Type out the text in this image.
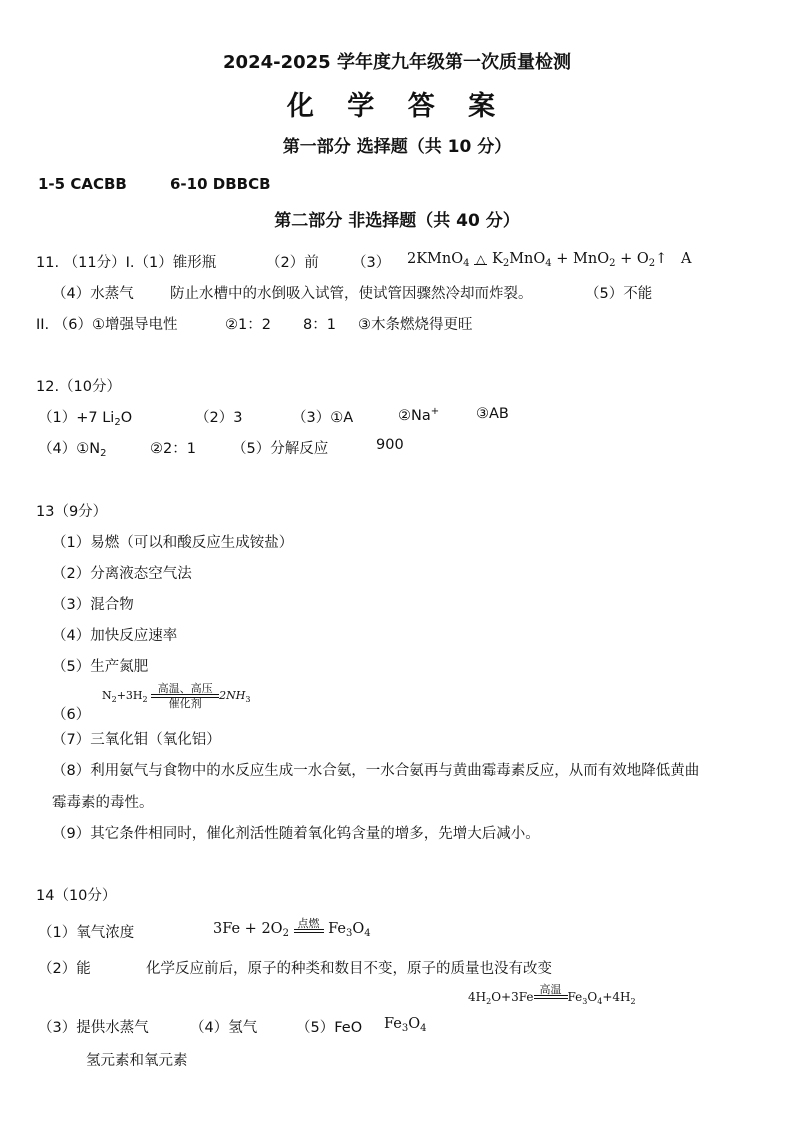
2024-2025 学年度九年级第一次质量检测
化 学 答 案
第一部分 选择题（共 10 分）
1-5 CACBB	6-10 DBBCB
第二部分 非选择题（共 40 分）
11. （11分）I.（1）锥形瓶	（2）前 （3） 2KMnO$_4$ △ $K_2MnO_4 + MnO_2$ + $O_2↑$ A
（4）水蒸气	防止水槽中的水倒吸入试管，使试管因骤然冷却而炸裂。	（5）不能
II. （6）①增强导电性	②1：2 8：1 ③木条燃烧得更旺
12.（10分）
（1）+7 $Li_2O$	（2）3	（3）①A	②Na+	③AB
$(4)①N_2$	②2：1 （5）分解反应	900
13（9分）
（1）易燃（可以和酸反应生成铵盐）
（2）分离液态空气法
（3）混合物
（4）加快反应速率
（5）生产氮肥
（6）
$N_2+3H_2$
高温、高压
催化剂
$2NH_3$
（7）三氧化钼（氧化铝）
（8）利用氨气与食物中的水反应生成一水合氨，一水合氨再与黄曲霉毒素反应，从而有效地降低黄曲
霉毒素的毒性。
（9）其它条件相同时，催化剂活性随着氧化钨含量的增多，先增大后减小。
14（10分）
（1）氧气浓度	$3Fe + 2O_2$
点燃 $Fe_3O_4$
（2）能	化学反应前后，原子的种类和数目不变，原子的质量也没有改变
$4H_2O+3Fe$
高温
$Fe_3O_4+4H_2$
（3）提供水蒸气	（4）氢气	（5）FeO $Fe_3O_4$
氢元素和氧元素
